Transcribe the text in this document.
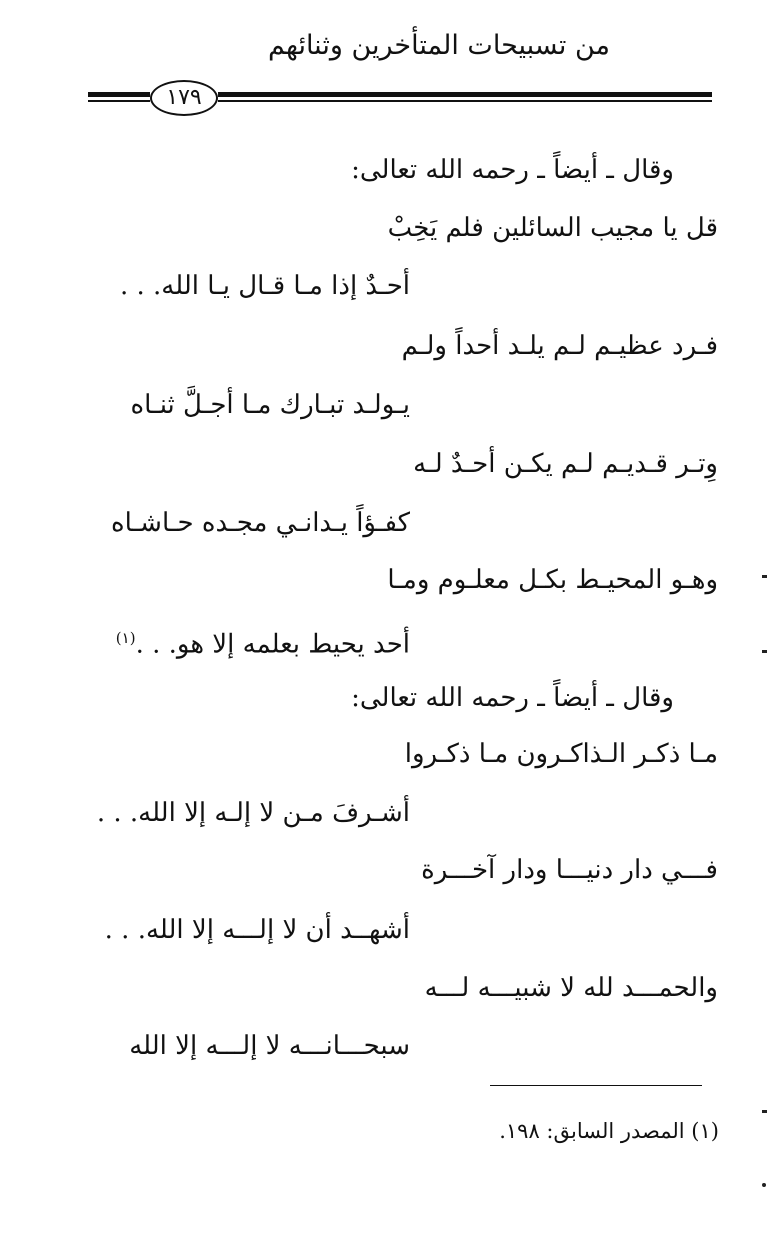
من تسبيحات المتأخرين وثنائهم
١٧٩
وقال ـ أيضاً ـ رحمه الله تعالى:
قل يا مجيب السائلين فلم يَخِبْ
أحـدٌ إذا مـا قـال يـا الله. . .
فـرد عظيـم لـم يلـد أحداً ولـم
يـولـد تبـارك مـا أجـلَّ ثنـاه
وِتـر قـديـم لـم يكـن أحـدٌ لـه
كفـؤاً يـدانـي مجـده حـاشـاه
وهـو المحيـط بكـل معلـوم ومـا
أحد يحيط بعلمه إلا هو. . .$^{(١)}$
وقال ـ أيضاً ـ رحمه الله تعالى:
مـا ذكـر الـذاكـرون مـا ذكـروا
أشـرفَ مـن لا إلـه إلا الله. . .
فـــي دار دنيـــا ودار آخـــرة
أشهــد أن لا إلـــه إلا الله. . .
والحمـــد لله لا شبيـــه لـــه
سبحـــانـــه لا إلـــه إلا الله
(١) المصدر السابق: ١٩٨.
